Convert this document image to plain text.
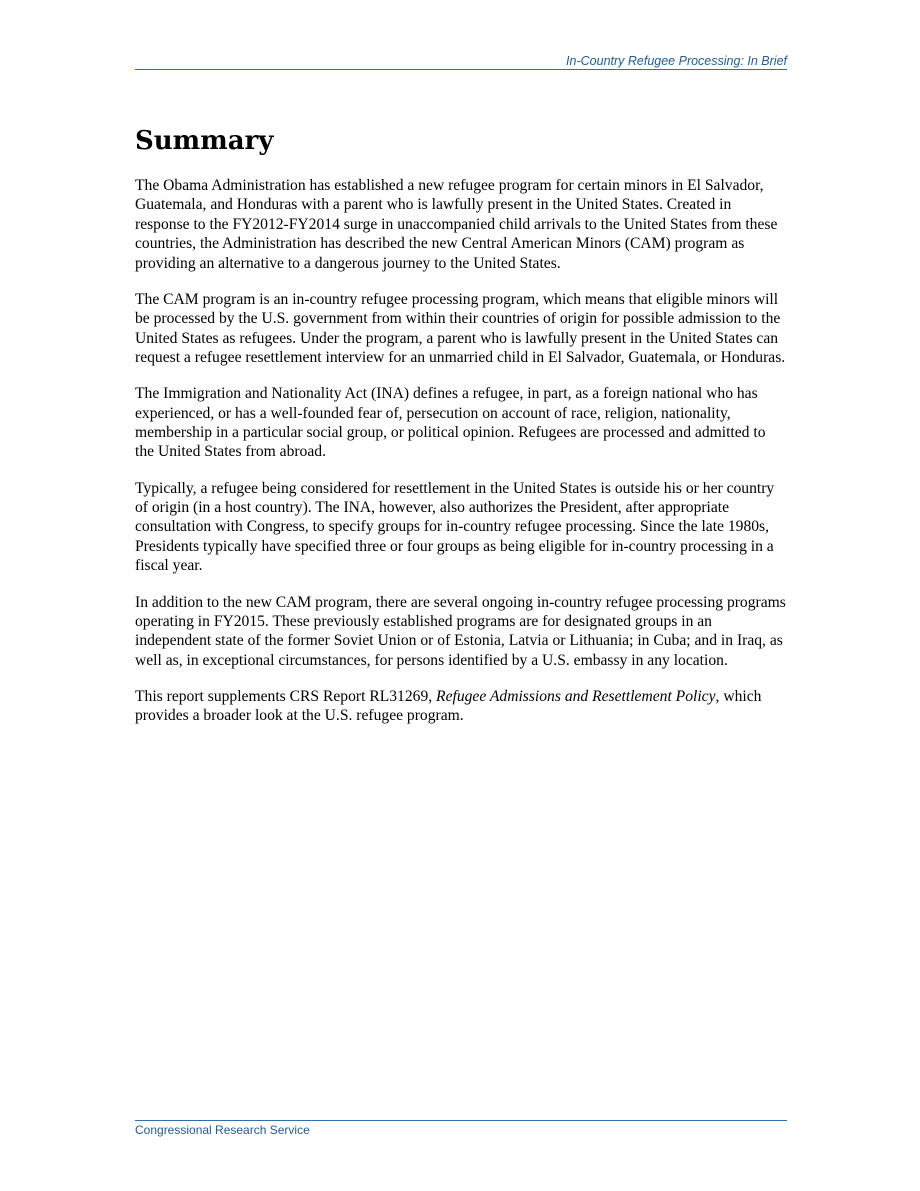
In-Country Refugee Processing: In Brief
Summary

The Obama Administration has established a new refugee program for certain minors in El Salvador, Guatemala, and Honduras with a parent who is lawfully present in the United States. Created in response to the FY2012-FY2014 surge in unaccompanied child arrivals to the United States from these countries, the Administration has described the new Central American Minors (CAM) program as providing an alternative to a dangerous journey to the United States.

The CAM program is an in-country refugee processing program, which means that eligible minors will be processed by the U.S. government from within their countries of origin for possible admission to the United States as refugees. Under the program, a parent who is lawfully present in the United States can request a refugee resettlement interview for an unmarried child in El Salvador, Guatemala, or Honduras.

The Immigration and Nationality Act (INA) defines a refugee, in part, as a foreign national who has experienced, or has a well-founded fear of, persecution on account of race, religion, nationality, membership in a particular social group, or political opinion. Refugees are processed and admitted to the United States from abroad.

Typically, a refugee being considered for resettlement in the United States is outside his or her country of origin (in a host country). The INA, however, also authorizes the President, after appropriate consultation with Congress, to specify groups for in-country refugee processing. Since the late 1980s, Presidents typically have specified three or four groups as being eligible for in-country processing in a fiscal year.

In addition to the new CAM program, there are several ongoing in-country refugee processing programs operating in FY2015. These previously established programs are for designated groups in an independent state of the former Soviet Union or of Estonia, Latvia or Lithuania; in Cuba; and in Iraq, as well as, in exceptional circumstances, for persons identified by a U.S. embassy in any location.

This report supplements CRS Report RL31269, Refugee Admissions and Resettlement Policy, which provides a broader look at the U.S. refugee program.

Congressional Research Service
